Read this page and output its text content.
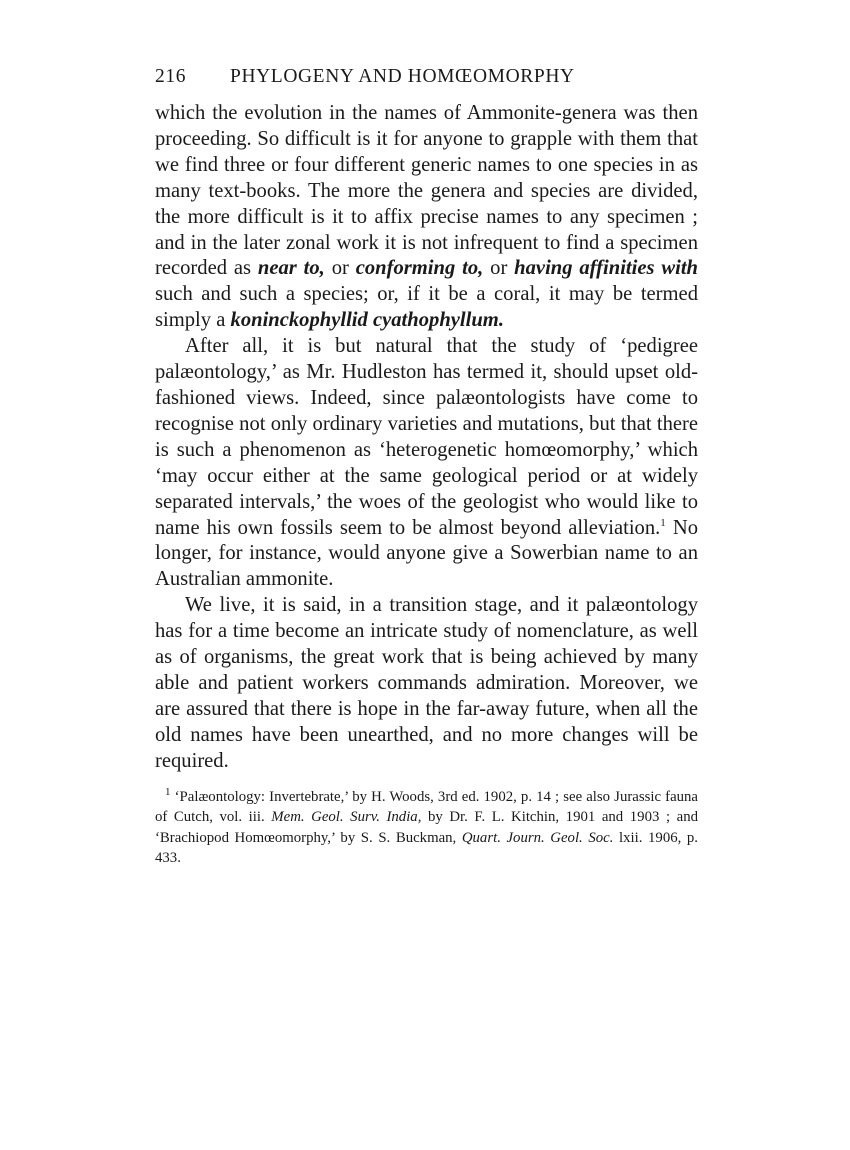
216 PHYLOGENY AND HOMŒOMORPHY

which the evolution in the names of Ammonite-genera was then proceeding. So difficult is it for anyone to grapple with them that we find three or four different generic names to one species in as many text-books. The more the genera and species are divided, the more difficult is it to affix precise names to any specimen ; and in the later zonal work it is not infrequent to find a specimen recorded as near to, or conforming to, or having affinities with such and such a species; or, if it be a coral, it may be termed simply a koninckophyllid cyathophyllum.

After all, it is but natural that the study of ‘pedigree palæontology,’ as Mr. Hudleston has termed it, should upset old-fashioned views. Indeed, since palæontologists have come to recognise not only ordinary varieties and mutations, but that there is such a phenomenon as ‘heterogenetic homœomorphy,’ which ‘may occur either at the same geological period or at widely separated intervals,’ the woes of the geologist who would like to name his own fossils seem to be almost beyond alleviation.$^1$ No longer, for instance, would anyone give a Sowerbian name to an Australian ammonite.

We live, it is said, in a transition stage, and it palæontology has for a time become an intricate study of nomenclature, as well as of organisms, the great work that is being achieved by many able and patient workers commands admiration. Moreover, we are assured that there is hope in the far-away future, when all the old names have been unearthed, and no more changes will be required.

$^1$ ‘Palæontology: Invertebrate,’ by H. Woods, 3rd ed. 1902, p. 14 ; see also Jurassic fauna of Cutch, vol. iii. Mem. Geol. Surv. India, by Dr. F. L. Kitchin, 1901 and 1903 ; and ‘Brachiopod Homœomorphy,’ by S. S. Buckman, Quart. Journ. Geol. Soc. lxii. 1906, p. 433.
